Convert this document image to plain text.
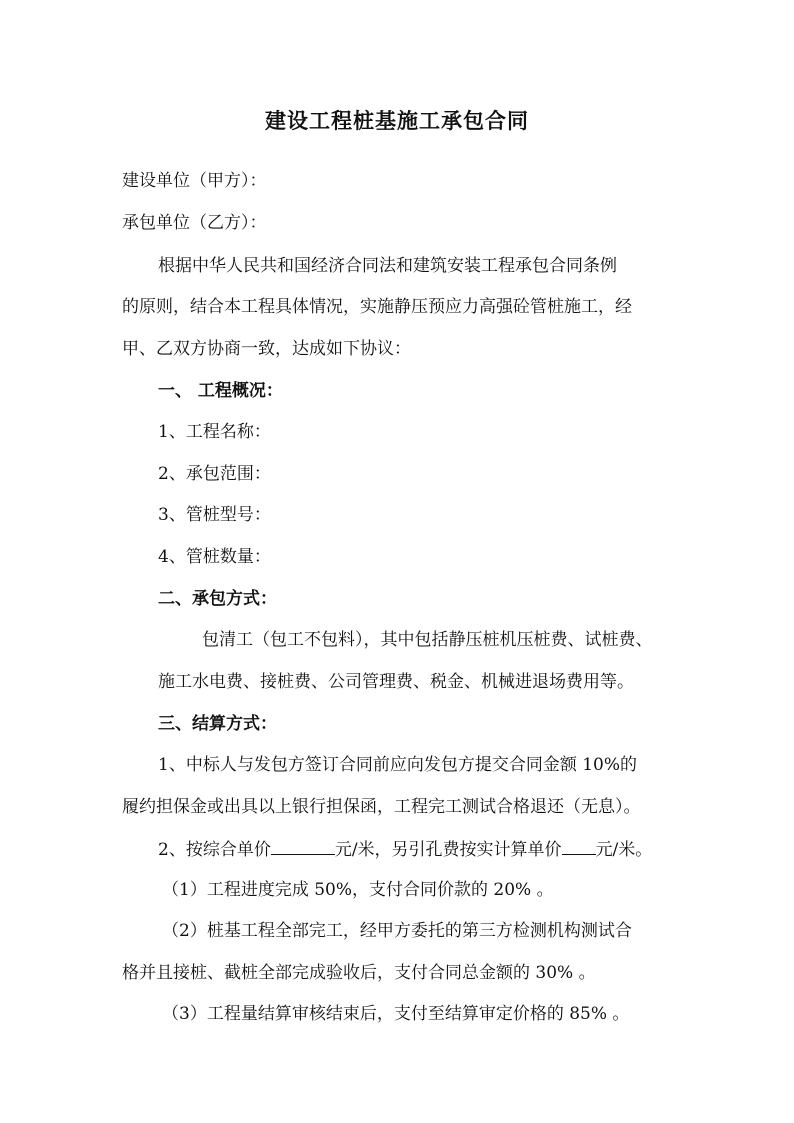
建设工程桩基施工承包合同
建设单位（甲方）：
承包单位（乙方）：
根据中华人民共和国经济合同法和建筑安装工程承包合同条例
的原则，结合本工程具体情况，实施静压预应力高强砼管桩施工，经
甲、乙双方协商一致，达成如下协议：
一、 工程概况：
1、工程名称：
2、承包范围：
3、管桩型号：
4、管桩数量：
二、承包方式：
包清工（包工不包料），其中包括静压桩机压桩费、试桩费、
施工水电费、接桩费、公司管理费、税金、机械进退场费用等。
三、结算方式：
1、中标人与发包方签订合同前应向发包方提交合同金额 10%的
履约担保金或出具以上银行担保函，工程完工测试合格退还（无息）。
2、按综合单价	元/米，另引孔费按实计算单价 元/米。
（1）工程进度完成 50%，支付合同价款的 20% 。
（2）桩基工程全部完工，经甲方委托的第三方检测机构测试合
格并且接桩、截桩全部完成验收后，支付合同总金额的 30% 。
（3）工程量结算审核结束后，支付至结算审定价格的 85% 。
